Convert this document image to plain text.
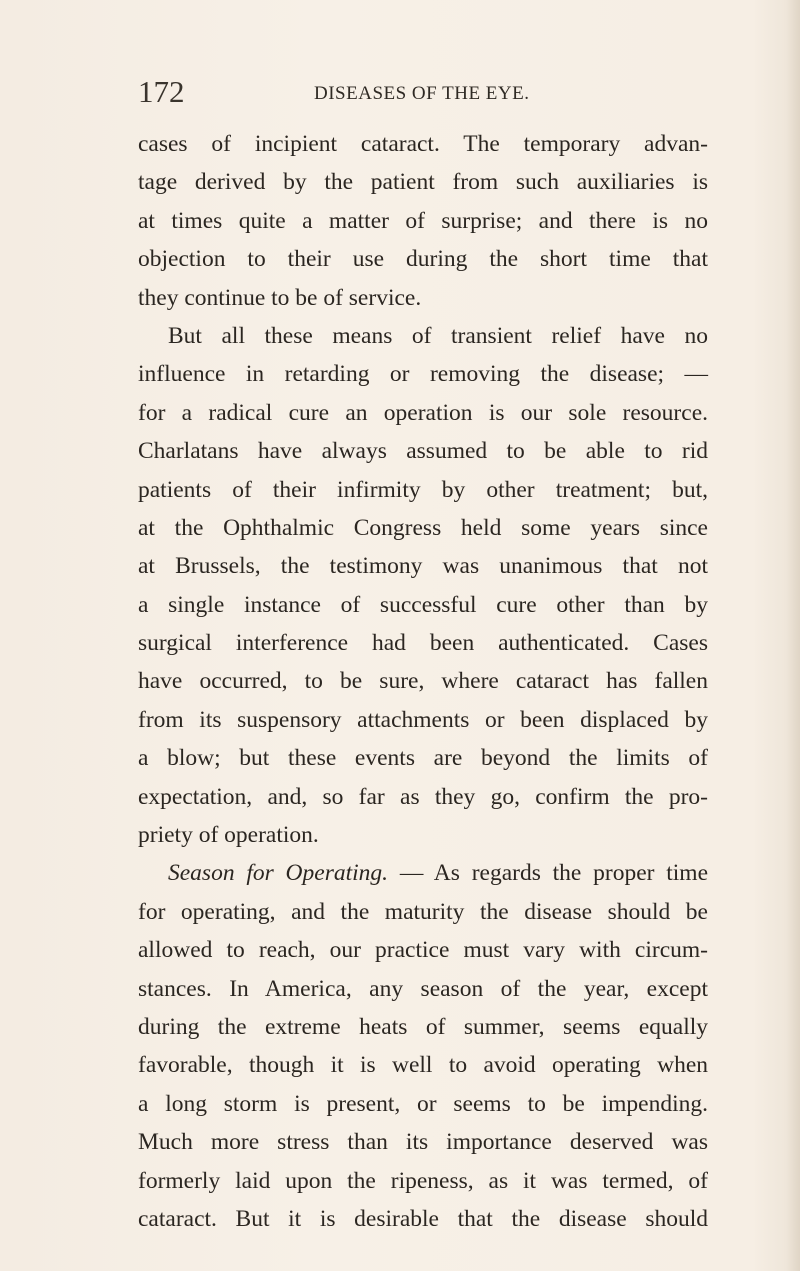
172	DISEASES OF THE EYE.
cases of incipient cataract. The temporary advan-
tage derived by the patient from such auxiliaries is
at times quite a matter of surprise; and there is no
objection to their use during the short time that
they continue to be of service.
But all these means of transient relief have no
influence in retarding or removing the disease; —
for a radical cure an operation is our sole resource.
Charlatans have always assumed to be able to rid
patients of their infirmity by other treatment; but,
at the Ophthalmic Congress held some years since
at Brussels, the testimony was unanimous that not
a single instance of successful cure other than by
surgical interference had been authenticated. Cases
have occurred, to be sure, where cataract has fallen
from its suspensory attachments or been displaced by
a blow; but these events are beyond the limits of
expectation, and, so far as they go, confirm the pro-
priety of operation.
Season for Operating. — As regards the proper time
for operating, and the maturity the disease should be
allowed to reach, our practice must vary with circum-
stances. In America, any season of the year, except
during the extreme heats of summer, seems equally
favorable, though it is well to avoid operating when
a long storm is present, or seems to be impending.
Much more stress than its importance deserved was
formerly laid upon the ripeness, as it was termed, of
cataract. But it is desirable that the disease should
